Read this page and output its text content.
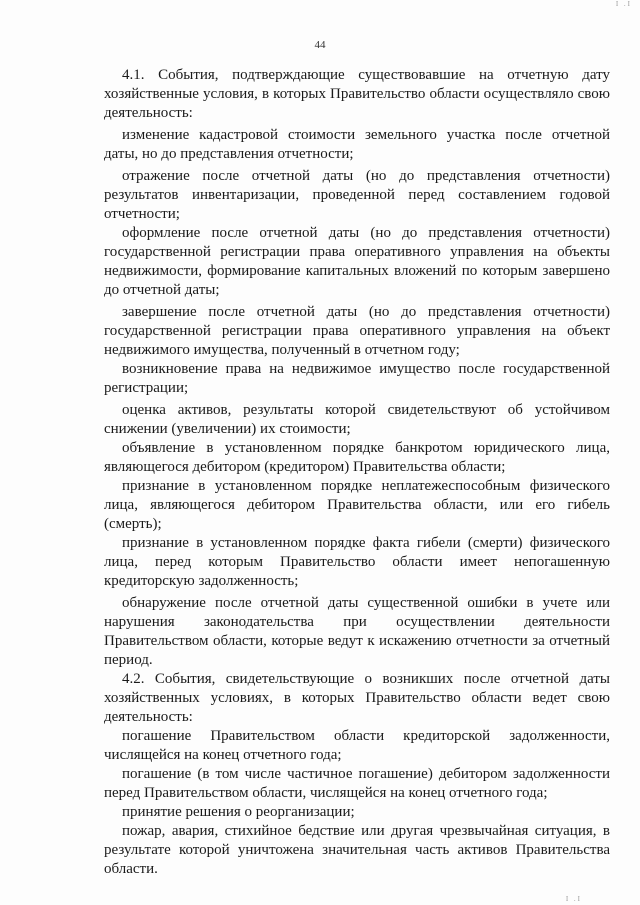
I .I
44

4.1. События, подтверждающие существовавшие на отчетную дату хозяйственные условия, в которых Правительство области осуществляло свою деятельность:

изменение кадастровой стоимости земельного участка после отчетной даты, но до представления отчетности;

отражение после отчетной даты (но до представления отчетности) результатов инвентаризации, проведенной перед составлением годовой отчетности;

оформление после отчетной даты (но до представления отчетности) государственной регистрации права оперативного управления на объекты недвижимости, формирование капитальных вложений по которым завершено до отчетной даты;

завершение после отчетной даты (но до представления отчетности) государственной регистрации права оперативного управления на объект недвижимого имущества, полученный в отчетном году;

возникновение права на недвижимое имущество после государственной регистрации;

оценка активов, результаты которой свидетельствуют об устойчивом снижении (увеличении) их стоимости;

объявление в установленном порядке банкротом юридического лица, являющегося дебитором (кредитором) Правительства области;

признание в установленном порядке неплатежеспособным физического лица, являющегося дебитором Правительства области, или его гибель (смерть);

признание в установленном порядке факта гибели (смерти) физического лица, перед которым Правительство области имеет непогашенную кредиторскую задолженность;

обнаружение после отчетной даты существенной ошибки в учете или нарушения законодательства при осуществлении деятельности Правительством области, которые ведут к искажению отчетности за отчетный период.

4.2. События, свидетельствующие о возникших после отчетной даты хозяйственных условиях, в которых Правительство области ведет свою деятельность:

погашение Правительством области кредиторской задолженности, числящейся на конец отчетного года;

погашение (в том числе частичное погашение) дебитором задолженности перед Правительством области, числящейся на конец отчетного года;

принятие решения о реорганизации;

пожар, авария, стихийное бедствие или другая чрезвычайная ситуация, в результате которой уничтожена значительная часть активов Правительства области.

I .I
